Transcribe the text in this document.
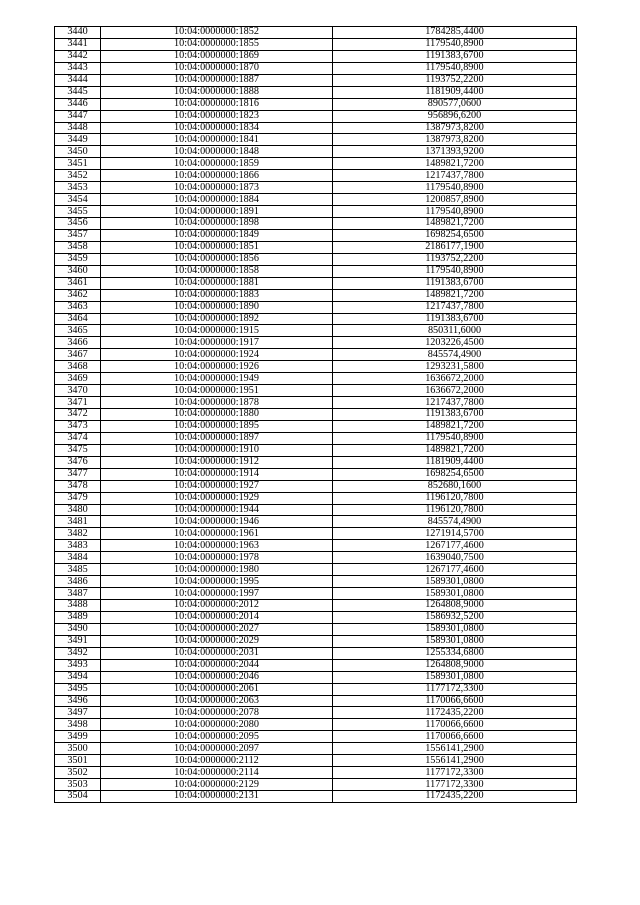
3440	10:04:0000000:1852	1784285,4400
3441	10:04:0000000:1855	1179540,8900
3442	10:04:0000000:1869	1191383,6700
3443	10:04:0000000:1870	1179540,8900
3444	10:04:0000000:1887	1193752,2200
3445	10:04:0000000:1888	1181909,4400
3446	10:04:0000000:1816	890577,0600
3447	10:04:0000000:1823	956896,6200
3448	10:04:0000000:1834	1387973,8200
3449	10:04:0000000:1841	1387973,8200
3450	10:04:0000000:1848	1371393,9200
3451	10:04:0000000:1859	1489821,7200
3452	10:04:0000000:1866	1217437,7800
3453	10:04:0000000:1873	1179540,8900
3454	10:04:0000000:1884	1200857,8900
3455	10:04:0000000:1891	1179540,8900
3456	10:04:0000000:1898	1489821,7200
3457	10:04:0000000:1849	1698254,6500
3458	10:04:0000000:1851	2186177,1900
3459	10:04:0000000:1856	1193752,2200
3460	10:04:0000000:1858	1179540,8900
3461	10:04:0000000:1881	1191383,6700
3462	10:04:0000000:1883	1489821,7200
3463	10:04:0000000:1890	1217437,7800
3464	10:04:0000000:1892	1191383,6700
3465	10:04:0000000:1915	850311,6000
3466	10:04:0000000:1917	1203226,4500
3467	10:04:0000000:1924	845574,4900
3468	10:04:0000000:1926	1293231,5800
3469	10:04:0000000:1949	1636672,2000
3470	10:04:0000000:1951	1636672,2000
3471	10:04:0000000:1878	1217437,7800
3472	10:04:0000000:1880	1191383,6700
3473	10:04:0000000:1895	1489821,7200
3474	10:04:0000000:1897	1179540,8900
3475	10:04:0000000:1910	1489821,7200
3476	10:04:0000000:1912	1181909,4400
3477	10:04:0000000:1914	1698254,6500
3478	10:04:0000000:1927	852680,1600
3479	10:04:0000000:1929	1196120,7800
3480	10:04:0000000:1944	1196120,7800
3481	10:04:0000000:1946	845574,4900
3482	10:04:0000000:1961	1271914,5700
3483	10:04:0000000:1963	1267177,4600
3484	10:04:0000000:1978	1639040,7500
3485	10:04:0000000:1980	1267177,4600
3486	10:04:0000000:1995	1589301,0800
3487	10:04:0000000:1997	1589301,0800
3488	10:04:0000000:2012	1264808,9000
3489	10:04:0000000:2014	1586932,5200
3490	10:04:0000000:2027	1589301,0800
3491	10:04:0000000:2029	1589301,0800
3492	10:04:0000000:2031	1255334,6800
3493	10:04:0000000:2044	1264808,9000
3494	10:04:0000000:2046	1589301,0800
3495	10:04:0000000:2061	1177172,3300
3496	10:04:0000000:2063	1170066,6600
3497	10:04:0000000:2078	1172435,2200
3498	10:04:0000000:2080	1170066,6600
3499	10:04:0000000:2095	1170066,6600
3500	10:04:0000000:2097	1556141,2900
3501	10:04:0000000:2112	1556141,2900
3502	10:04:0000000:2114	1177172,3300
3503	10:04:0000000:2129	1177172,3300
3504	10:04:0000000:2131	1172435,2200
